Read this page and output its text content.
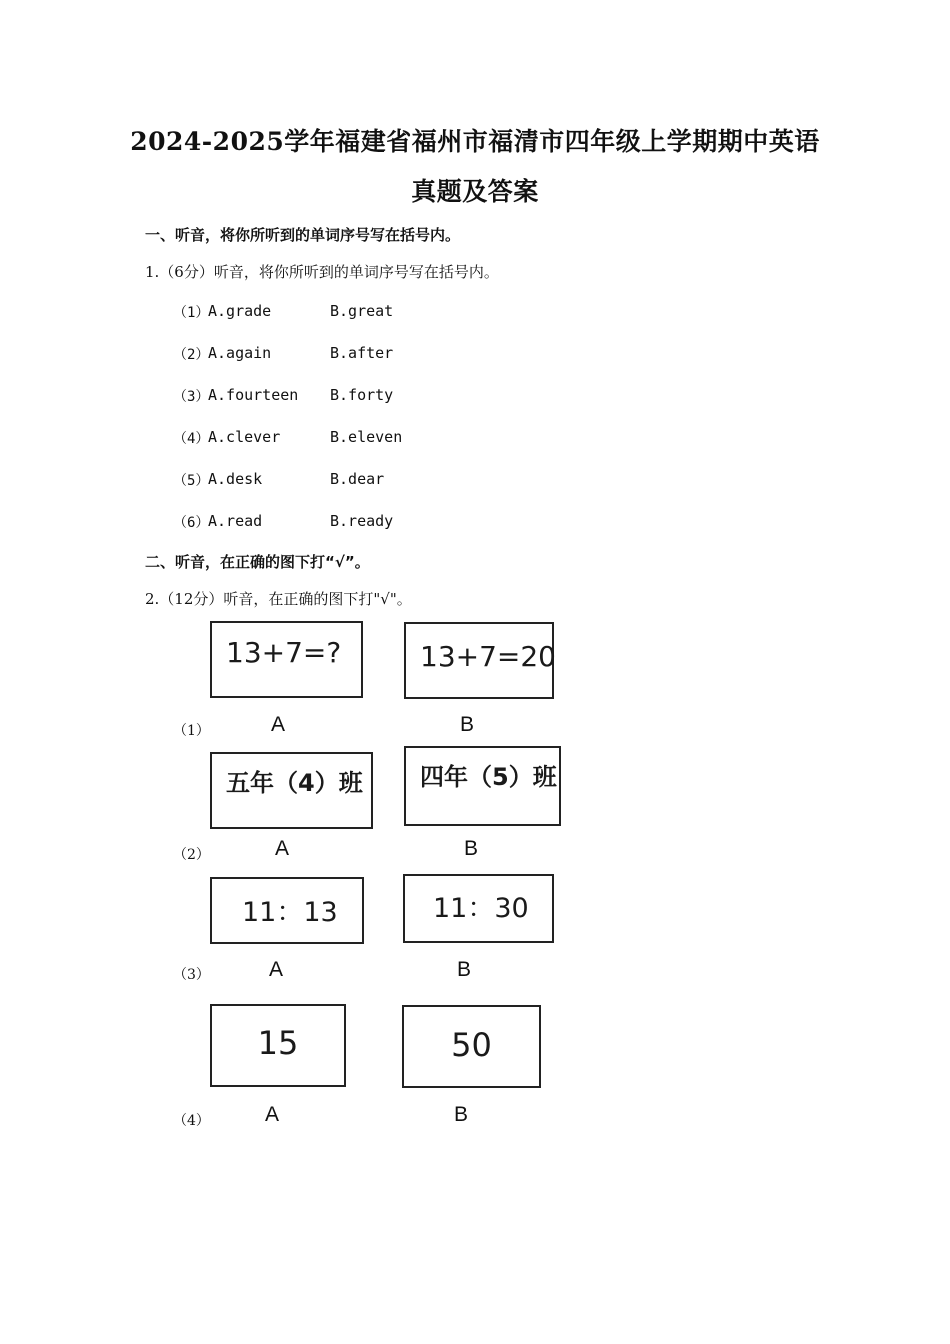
2024-2025学年福建省福州市福清市四年级上学期期中英语
真题及答案
一、听音，将你所听到的单词序号写在括号内。
1.（6分）听音，将你所听到的单词序号写在括号内。
（1）
A.grade	B.great
（2）
A.again	B.after
（3）
A.fourteen B.forty
（4）
A.clever	B.eleven
（5）
A.desk	B.dear
（6）
A.read	B.ready
二、听音，在正确的图下打“√”。
2.（12分）听音，在正确的图下打"√"。
13+7=?	13+7=20
（1）	A	B
五年（4）班 四年（5）班
（2）	A	B
11：13	11：30
（3）	A	B
15	50
（4）	A	B
